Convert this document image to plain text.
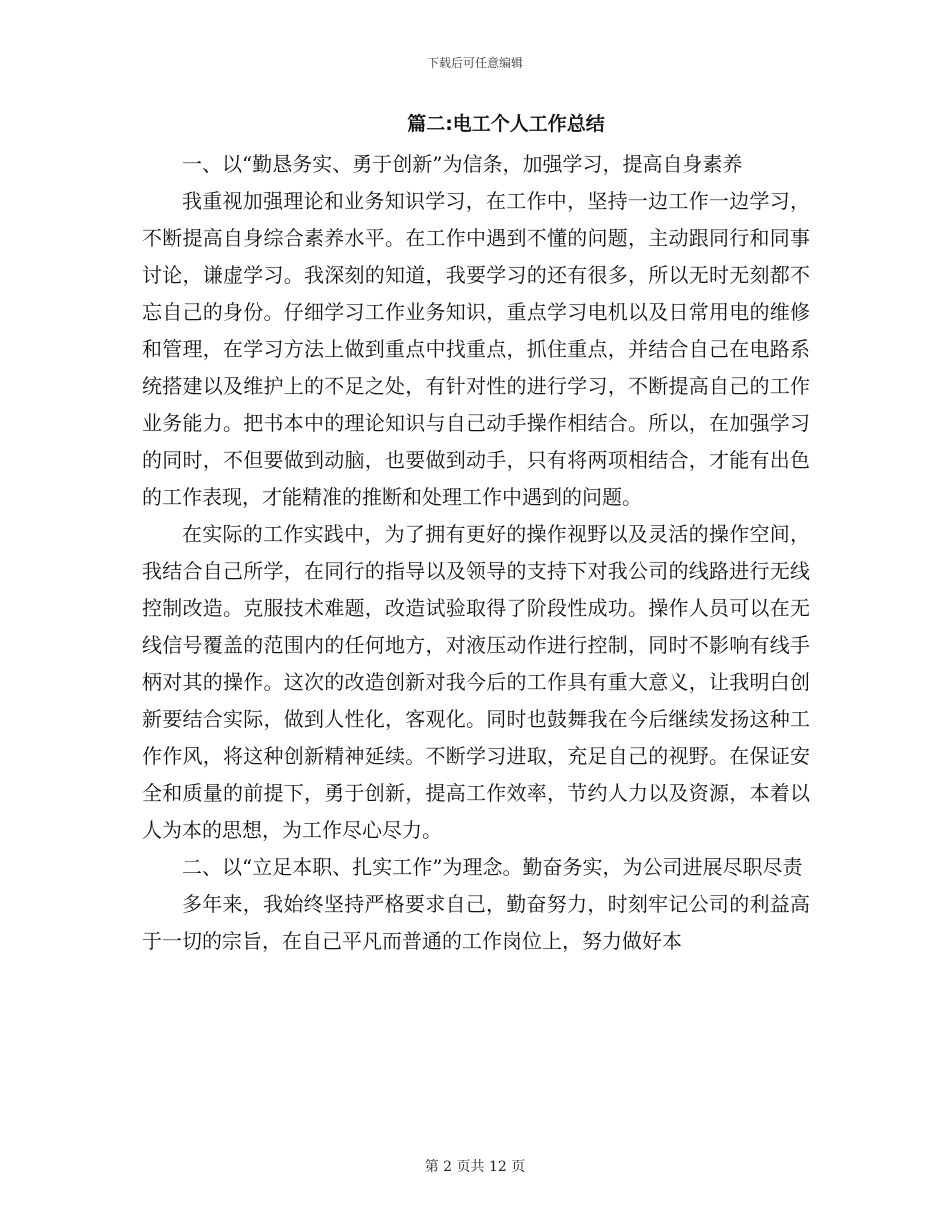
下载后可任意编辑
篇二:电工个人工作总结

一、以“勤恳务实、勇于创新”为信条，加强学习，提高自身素养

我重视加强理论和业务知识学习，在工作中，坚持一边工作一边学习，不断提高自身综合素养水平。在工作中遇到不懂的问题，主动跟同行和同事讨论，谦虚学习。我深刻的知道，我要学习的还有很多，所以无时无刻都不忘自己的身份。仔细学习工作业务知识，重点学习电机以及日常用电的维修和管理，在学习方法上做到重点中找重点，抓住重点，并结合自己在电路系统搭建以及维护上的不足之处，有针对性的进行学习，不断提高自己的工作业务能力。把书本中的理论知识与自己动手操作相结合。所以，在加强学习的同时，不但要做到动脑，也要做到动手，只有将两项相结合，才能有出色的工作表现，才能精准的推断和处理工作中遇到的问题。

在实际的工作实践中，为了拥有更好的操作视野以及灵活的操作空间，我结合自己所学，在同行的指导以及领导的支持下对我公司的线路进行无线控制改造。克服技术难题，改造试验取得了阶段性成功。操作人员可以在无线信号覆盖的范围内的任何地方，对液压动作进行控制，同时不影响有线手柄对其的操作。这次的改造创新对我今后的工作具有重大意义，让我明白创新要结合实际，做到人性化，客观化。同时也鼓舞我在今后继续发扬这种工作作风，将这种创新精神延续。不断学习进取，充足自己的视野。在保证安全和质量的前提下，勇于创新，提高工作效率，节约人力以及资源，本着以人为本的思想，为工作尽心尽力。

二、以“立足本职、扎实工作”为理念。勤奋务实，为公司进展尽职尽责

多年来，我始终坚持严格要求自己，勤奋努力，时刻牢记公司的利益高于一切的宗旨，在自己平凡而普通的工作岗位上，努力做好本

第 2 页共 12 页
